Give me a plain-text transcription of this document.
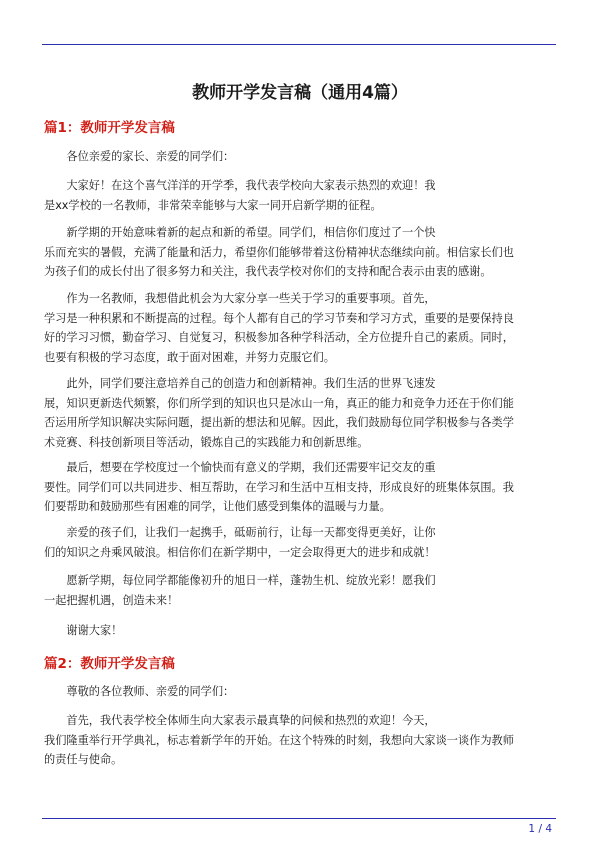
教师开学发言稿（通用4篇）
篇1：教师开学发言稿

　　各位亲爱的家长、亲爱的同学们：

　　大家好！在这个喜气洋洋的开学季，我代表学校向大家表示热烈的欢迎！我
是xx学校的一名教师，非常荣幸能够与大家一同开启新学期的征程。

　　新学期的开始意味着新的起点和新的希望。同学们，相信你们度过了一个快
乐而充实的暑假，充满了能量和活力，希望你们能够带着这份精神状态继续向前。相信家长们也
为孩子们的成长付出了很多努力和关注，我代表学校对你们的支持和配合表示由衷的感谢。

　　作为一名教师，我想借此机会为大家分享一些关于学习的重要事项。首先，
学习是一种积累和不断提高的过程。每个人都有自己的学习节奏和学习方式，重要的是要保持良
好的学习习惯，勤奋学习、自觉复习，积极参加各种学科活动，全方位提升自己的素质。同时，
也要有积极的学习态度，敢于面对困难，并努力克服它们。

　　此外，同学们要注意培养自己的创造力和创新精神。我们生活的世界飞速发
展，知识更新迭代频繁，你们所学到的知识也只是冰山一角，真正的能力和竞争力还在于你们能
否运用所学知识解决实际问题，提出新的想法和见解。因此，我们鼓励每位同学积极参与各类学
术竞赛、科技创新项目等活动，锻炼自己的实践能力和创新思维。

　　最后，想要在学校度过一个愉快而有意义的学期，我们还需要牢记交友的重
要性。同学们可以共同进步、相互帮助，在学习和生活中互相支持，形成良好的班集体氛围。我
们要帮助和鼓励那些有困难的同学，让他们感受到集体的温暖与力量。

　　亲爱的孩子们，让我们一起携手，砥砺前行，让每一天都变得更美好，让你
们的知识之舟乘风破浪。相信你们在新学期中，一定会取得更大的进步和成就！

　　愿新学期，每位同学都能像初升的旭日一样，蓬勃生机、绽放光彩！愿我们
一起把握机遇，创造未来！

　　谢谢大家！

篇2：教师开学发言稿

　　尊敬的各位教师、亲爱的同学们：

　　首先，我代表学校全体师生向大家表示最真挚的问候和热烈的欢迎！今天，
我们隆重举行开学典礼，标志着新学年的开始。在这个特殊的时刻，我想向大家谈一谈作为教师
的责任与使命。

1 / 4
